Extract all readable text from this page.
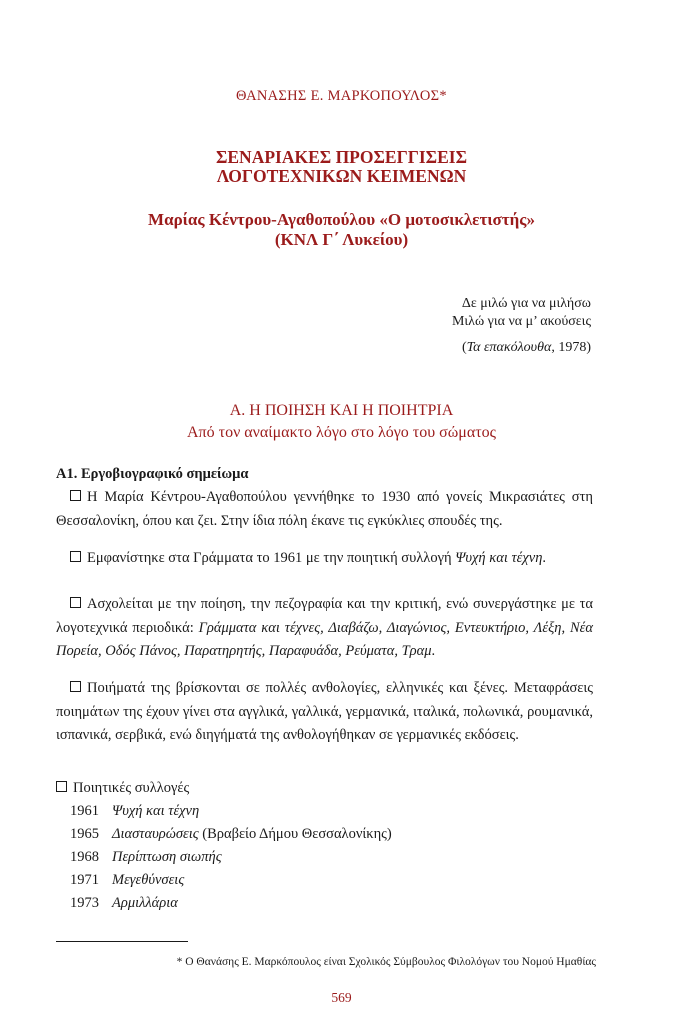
ΘΑΝΑΣΗΣ Ε. ΜΑΡΚΟΠΟΥΛΟΣ*
ΣΕΝΑΡΙΑΚΕΣ ΠΡΟΣΕΓΓΙΣΕΙΣ
ΛΟΓΟΤΕΧΝΙΚΩΝ ΚΕΙΜΕΝΩΝ
Μαρίας Κέντρου-Αγαθοπούλου «Ο μοτοσικλετιστής»
(ΚΝΛ Γ΄ Λυκείου)
Δε μιλώ για να μιλήσω
Μιλώ για να μ’ ακούσεις
(Τα επακόλουθα, 1978)
Α. Η ΠΟΙΗΣΗ ΚΑΙ Η ΠΟΙΗΤΡΙΑ
Από τον αναίμακτο λόγο στο λόγο του σώματος
Α1. Εργοβιογραφικό σημείωμα
Η Μαρία Κέντρου-Αγαθοπούλου γεννήθηκε το 1930 από γονείς Μικρασιάτες στη Θεσσαλονίκη, όπου και ζει. Στην ίδια πόλη έκανε τις εγκύκλιες σπουδές της.
Εμφανίστηκε στα Γράμματα το 1961 με την ποιητική συλλογή Ψυχή και τέχνη.
Ασχολείται με την ποίηση, την πεζογραφία και την κριτική, ενώ συνεργάστηκε με τα λογοτεχνικά περιοδικά: Γράμματα και τέχνες, Διαβάζω, Διαγώνιος, Εντευκτήριο, Λέξη, Νέα Πορεία, Οδός Πάνος, Παρατηρητής, Παραφυάδα, Ρεύματα, Τραμ.
Ποιήματά της βρίσκονται σε πολλές ανθολογίες, ελληνικές και ξένες. Μεταφράσεις ποιημάτων της έχουν γίνει στα αγγλικά, γαλλικά, γερμανικά, ιταλικά, πολωνικά, ρουμανικά, ισπανικά, σερβικά, ενώ διηγήματά της ανθολογήθηκαν σε γερμανικές εκδόσεις.
Ποιητικές συλλογές
1961 Ψυχή και τέχνη
1965 Διασταυρώσεις (Βραβείο Δήμου Θεσσαλονίκης)
1968 Περίπτωση σιωπής
1971 Μεγεθύνσεις
1973 Αρμιλλάρια
* Ο Θανάσης Ε. Μαρκόπουλος είναι Σχολικός Σύμβουλος Φιλολόγων του Νομού Ημαθίας
569
